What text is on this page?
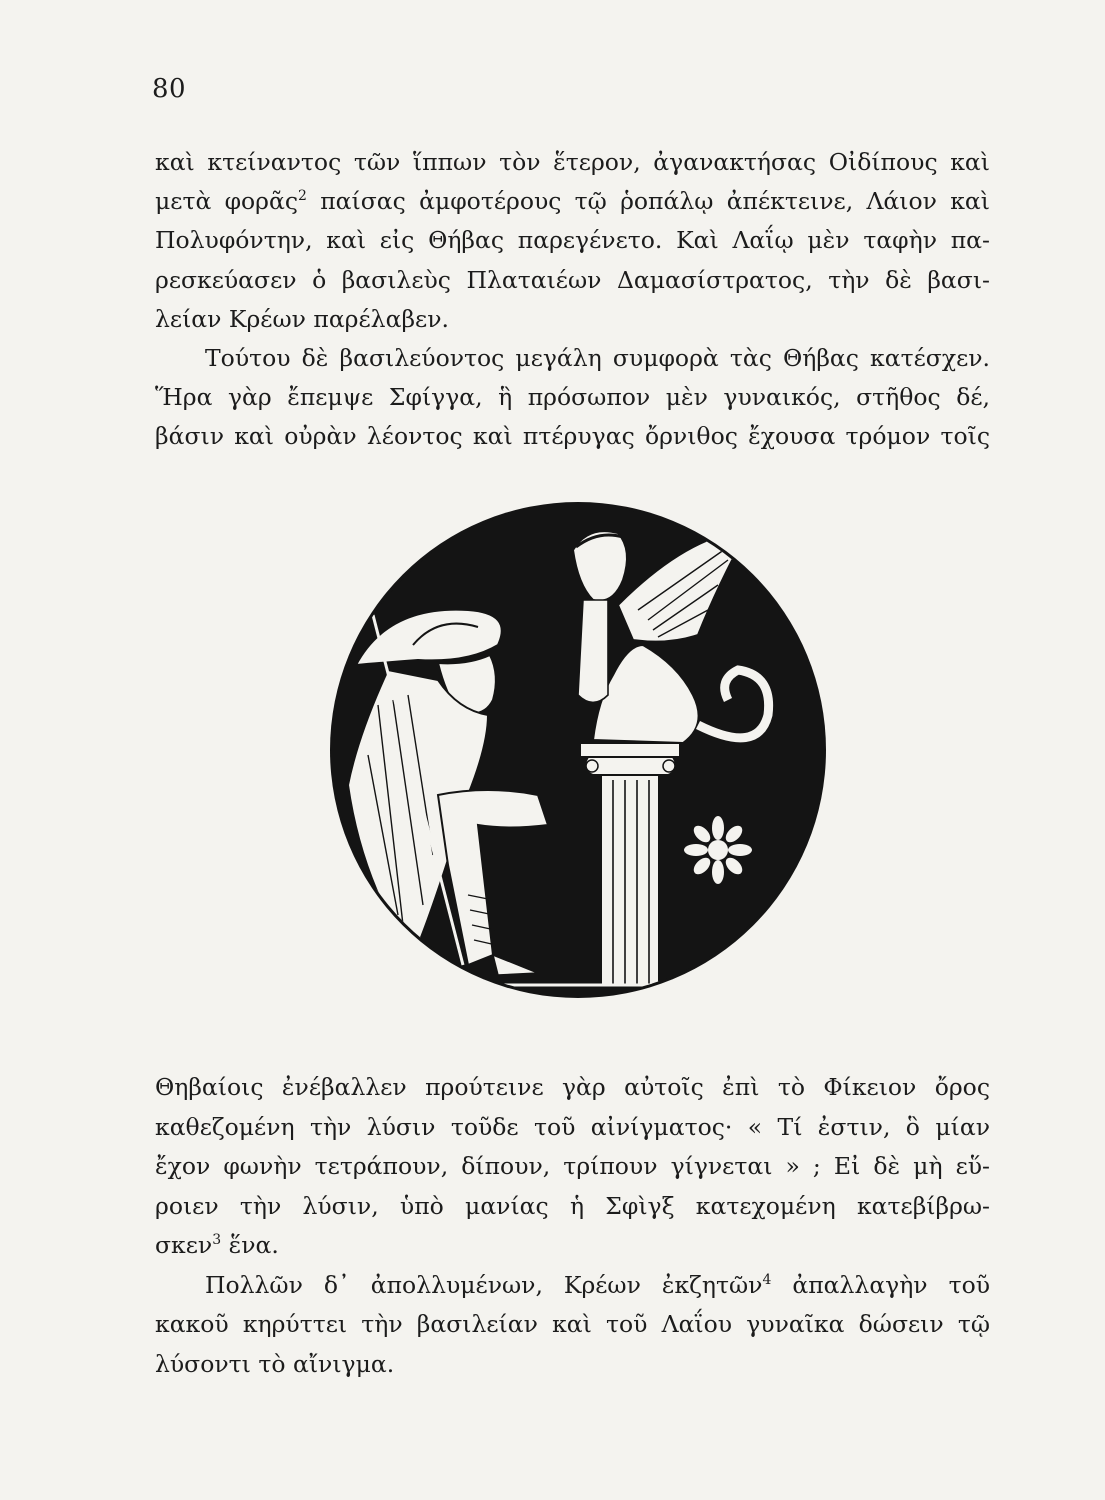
80
καὶ κτείναντος τῶν ἵππων τὸν ἕτερον, ἀγανακτήσας Οἰδίπους καὶ
μετὰ φορᾶς$^2$ παίσας ἀμφοτέρους τῷ ῥοπάλῳ ἀπέκτεινε, Λάιον καὶ
Πολυφόντην, καὶ εἰς Θήβας παρεγένετο. Καὶ Λαΐῳ μὲν ταφὴν πα-
ρεσκεύασεν ὁ βασιλεὺς Πλαταιέων Δαμασίστρατος, τὴν δὲ βασι-
λείαν Κρέων παρέλαβεν.
Τούτου δὲ βασιλεύοντος μεγάλη συμφορὰ τὰς Θήβας κατέσχεν.
Ἥρα γὰρ ἔπεμψε Σφίγγα, ἣ πρόσωπον μὲν γυναικός, στῆθος δέ,
βάσιν καὶ οὐρὰν λέοντος καὶ πτέρυγας ὄρνιθος ἔχουσα τρόμον τοῖς
Θηβαίοις ἐνέβαλλεν προύτεινε γὰρ αὐτοῖς ἐπὶ τὸ Φίκειον ὄρος
καθεζομένη τὴν λύσιν τοῦδε τοῦ αἰνίγματος· « Τί ἐστιν, ὃ μίαν
ἔχον φωνὴν τετράπουν, δίπουν, τρίπουν γίγνεται » ; Εἰ δὲ μὴ εὕ-
ροιεν τὴν λύσιν, ὑπὸ μανίας ἡ Σφὶγξ κατεχομένη κατεβίβρω-
σκεν$^3$ ἕνα.
Πολλῶν δ᾽ ἀπολλυμένων, Κρέων ἐκζητῶν$^4$ ἀπαλλαγὴν τοῦ
κακοῦ κηρύττει τὴν βασιλείαν καὶ τοῦ Λαΐου γυναῖκα δώσειν τῷ
λύσοντι τὸ αἴνιγμα.
